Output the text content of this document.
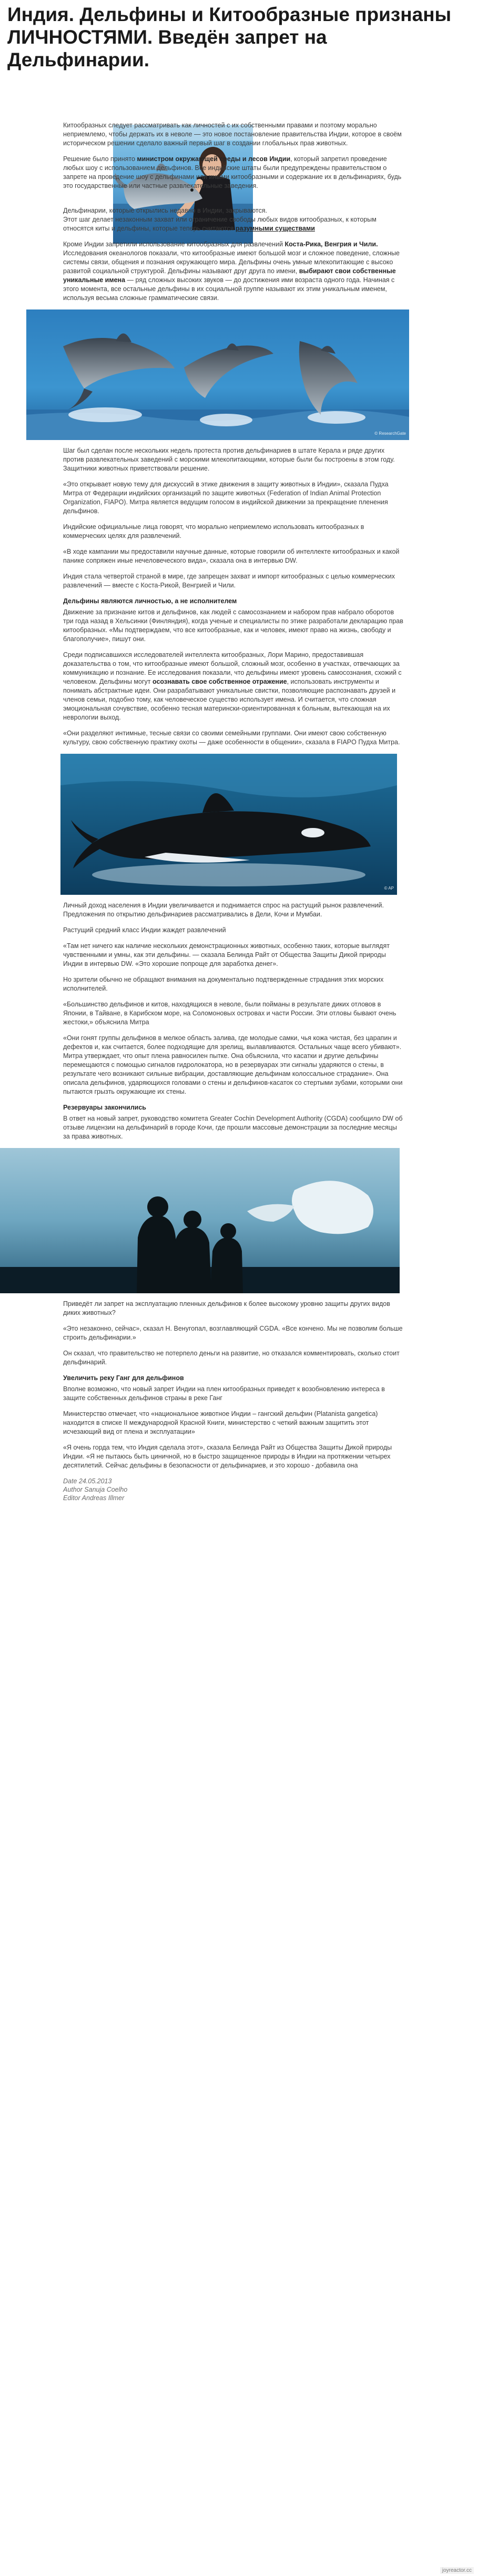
Индия. Дельфины и Китообразные признаны ЛИЧНОСТЯМИ. Введён запрет на Дельфинарии.

Китообразных следует рассматривать как личностей с их собственными правами и поэтому морально неприемлемо, чтобы держать их в неволе — это новое постановление правительства Индии, которое в своём историческом решении сделало важный первый шаг в создании глобальных прав животных.

Решение было принято министром окружающей среды и лесов Индии, который запретил проведение любых шоу с использованием дельфинов. Все индийские штаты были предупреждены правительством о запрете на проведение шоу с дельфинами или иными китообразными и содержание их в дельфинариях, будь это государственные или частные развлекательные заведения.

Дельфинарии, которые открылись недавно в Индии, закрываются.
Этот шаг делает незаконным захват или ограничение свободы любых видов китообразных, к которым относятся киты и дельфины, которые теперь считаются разумными существами

Кроме Индии запретили использование китообразных для развлечений Коста-Рика, Венгрия и Чили.

Исследования океанологов показали, что китообразные имеют большой мозг и сложное поведение, сложные системы связи, общения и познания окружающего мира. Дельфины очень умные млекопитающие с высоко развитой социальной структурой. Дельфины называют друг друга по имени, выбирают свои собственные уникальные имена — ряд сложных высоких звуков — до достижения ими возраста одного года. Начиная с этого момента, все остальные дельфины в их социальной группе называют их этим уникальным именем, используя весьма сложные грамматические связи.

© ResearchGate

Шаг был сделан после нескольких недель протеста против дельфинариев в штате Керала и ряде других против развлекательных заведений с морскими млекопитающими, которые были бы построены в этом году.
Защитники животных приветствовали решение.

«Это открывает новую тему для дискуссий в этике движения в защиту животных в Индии», сказала Пудха Митра от Федерации индийских организаций по защите животных (Federation of Indian Animal Protection Organization, FIAPO). Митра является ведущим голосом в индийской движении за прекращение пленения дельфинов.

Индийские официальные лица говорят, что морально неприемлемо использовать китообразных в коммерческих целях для развлечений.

«В ходе кампании мы предоставили научные данные, которые говорили об интеллекте китообразных и какой панике сопряжен иные нечеловеческого вида», сказала она в интервью DW.

Индия стала четвертой страной в мире, где запрещен захват и импорт китообразных с целью коммерческих развлечений — вместе с Коста-Рикой, Венгрией и Чили.

Дельфины являются личностью, а не исполнителем

Движение за признание китов и дельфинов, как людей с самосознанием и набором прав набрало оборотов три года назад в Хельсинки (Финляндия), когда ученые и специалисты по этике разработали декларацию прав китообразных. «Мы подтверждаем, что все китообразные, как и человек, имеют право на жизнь, свободу и благополучие», пишут они.

Среди подписавшихся исследователей интеллекта китообразных, Лори Марино, предоставившая доказательства о том, что китообразные имеют большой, сложный мозг, особенно в участках, отвечающих за коммуникацию и познание. Ее исследования показали, что дельфины имеют уровень самосознания, схожий с человеком. Дельфины могут осознавать свое собственное отражение, использовать инструменты и понимать абстрактные идеи. Они разрабатывают уникальные свистки, позволяющие распознавать друзей и членов семьи, подобно тому, как человеческое существо использует имена. И считается, что сложная эмоциональная сочувствие, особенно тесная матерински-ориентированная к больным, вытекающая на их неврологии выход.

«Они разделяют интимные, тесные связи со своими семейными группами. Они имеют свою собственную культуру, свою собственную практику охоты — даже особенности в общении», сказала в FIAPO Пудха Митра.

© AP

Личный доход населения в Индии увеличивается и поднимается спрос на растущий рынок развлечений. Предложения по открытию дельфинариев рассматривались в Дели, Кочи и Мумбаи.

Растущий средний класс Индии жаждет развлечений

«Там нет ничего как наличие нескольких демонстрационных животных, особенно таких, которые выглядят чувственными и умны, как эти дельфины. — сказала Белинда Райт от Общества Защиты Дикой природы Индии в интервью DW. «Это хорошие попроще для заработка денег».

Но зрители обычно не обращают внимания на документально подтвержденные страдания этих морских исполнителей.

«Большинство дельфинов и китов, находящихся в неволе, были пойманы в результате диких отловов в Японии, в Тайване, в Карибском море, на Соломоновых островах и части России. Эти отловы бывают очень жестоки,» объяснила Митра

«Они гонят группы дельфинов в мелкое область залива, где молодые самки, чья кожа чистая, без царапин и дефектов и, как считается, более подходящие для зрелищ, вылавливаются. Остальных чаще всего убивают».

Митра утверждает, что опыт плена равносилен пытке. Она объяснила, что касатки и другие дельфины перемещаются с помощью сигналов гидролокатора, но в резервуарах эти сигналы ударяются о стены, в результате чего возникают сильные вибрации, доставляющие дельфинам колоссальное страдание». Она описала дельфинов, ударяющихся головами о стены и дельфинов-касаток со стертыми зубами, которыми они пытаются грызть окружающие их стены.

Резервуары закончились

В ответ на новый запрет, руководство комитета Greater Cochin Development Authority (CGDA) сообщило DW об отзыве лицензии на дельфинарий в городе Кочи, где прошли массовые демонстрации за последние месяцы за права животных.

Приведёт ли запрет на эксплуатацию пленных дельфинов к более высокому уровню защиты других видов диких животных?

«Это незаконно, сейчас», сказал Н. Венугопал, возглавляющий CGDA. «Все кончено. Мы не позволим больше строить дельфинарии.»

Он сказал, что правительство не потерпело деньги на развитие, но отказался комментировать, сколько стоит дельфинарий.

Увеличить реку Ганг для дельфинов

Вполне возможно, что новый запрет Индии на плен китообразных приведет к возобновлению интереса в защите собственных дельфинов страны в реке Ганг

Министерство отмечает, что «национальное животное Индии – гангский дельфин (Platanista gangetica) находится в списке II международной Красной Книги, министерство с четкий важным защитить этот исчезающий вид от плена и эксплуатации»

«Я очень горда тем, что Индия сделала этот», сказала Белинда Райт из Общества Защиты Дикой природы Индии. «Я не пытаюсь быть циничной, но в быстро защищенное природы в Индии на протяжении четырех десятилетий. Сейчас дельфины в безопасности от дельфинариев, и это хорошо - добавила она

Date 24.05.2013
Author Sanuja Coelho
Editor Andreas Illmer
joyreactor.cc
